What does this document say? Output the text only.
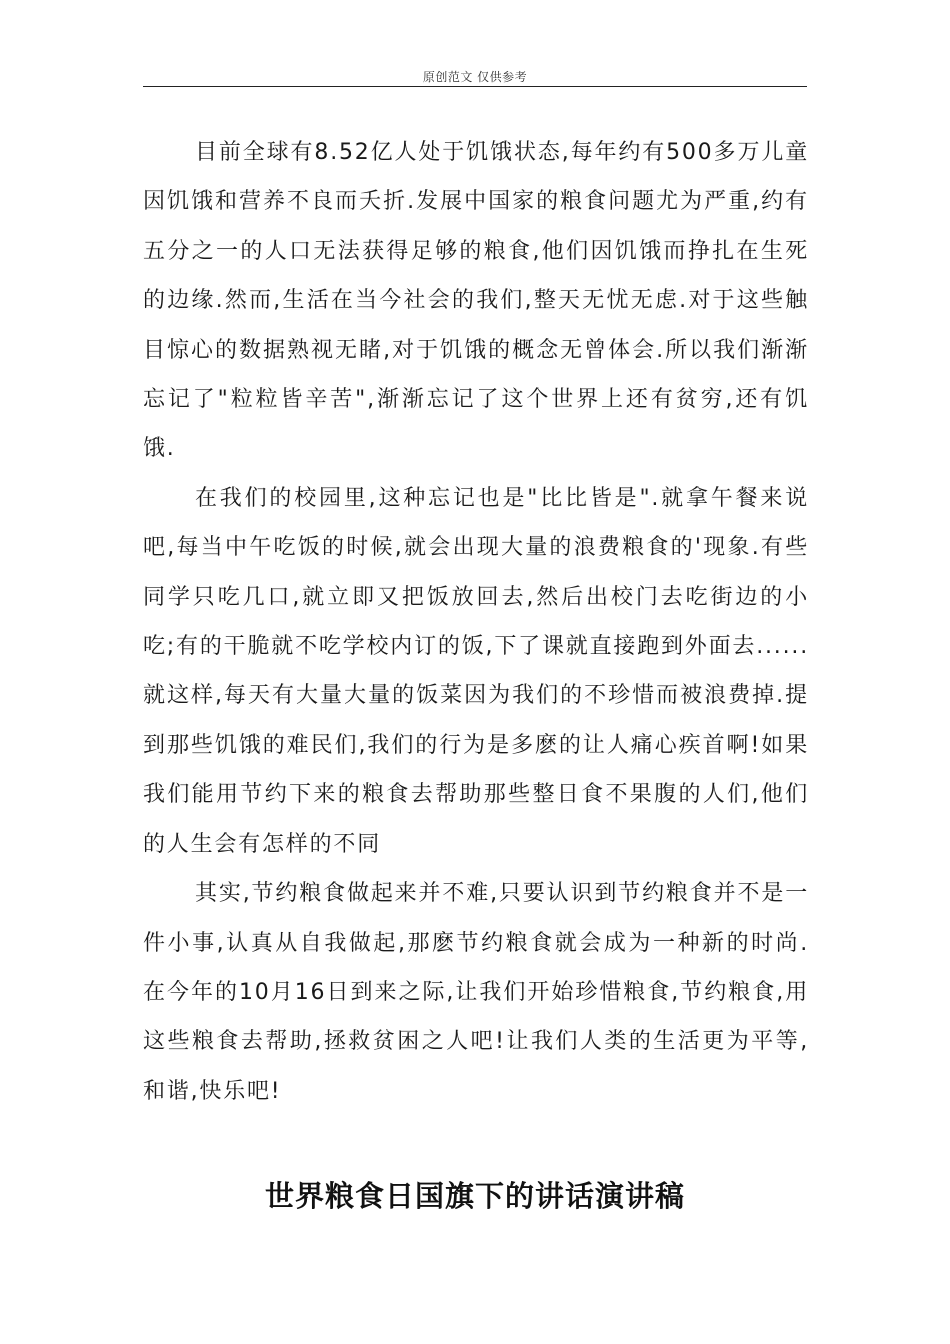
原创范文 仅供参考

目前全球有8.52亿人处于饥饿状态,每年约有500多万儿童因饥饿和营养不良而夭折.发展中国家的粮食问题尤为严重,约有五分之一的人口无法获得足够的粮食,他们因饥饿而挣扎在生死的边缘.然而,生活在当今社会的我们,整天无忧无虑.对于这些触目惊心的数据熟视无睹,对于饥饿的概念无曾体会.所以我们渐渐忘记了"粒粒皆辛苦",渐渐忘记了这个世界上还有贫穷,还有饥饿.

在我们的校园里,这种忘记也是"比比皆是".就拿午餐来说吧,每当中午吃饭的时候,就会出现大量的浪费粮食的'现象.有些同学只吃几口,就立即又把饭放回去,然后出校门去吃街边的小吃;有的干脆就不吃学校内订的饭,下了课就直接跑到外面去......就这样,每天有大量大量的饭菜因为我们的不珍惜而被浪费掉.提到那些饥饿的难民们,我们的行为是多麽的让人痛心疾首啊!如果我们能用节约下来的粮食去帮助那些整日食不果腹的人们,他们的人生会有怎样的不同

其实,节约粮食做起来并不难,只要认识到节约粮食并不是一件小事,认真从自我做起,那麽节约粮食就会成为一种新的时尚.在今年的10月16日到来之际,让我们开始珍惜粮食,节约粮食,用这些粮食去帮助,拯救贫困之人吧!让我们人类的生活更为平等,和谐,快乐吧!

世界粮食日国旗下的讲话演讲稿
